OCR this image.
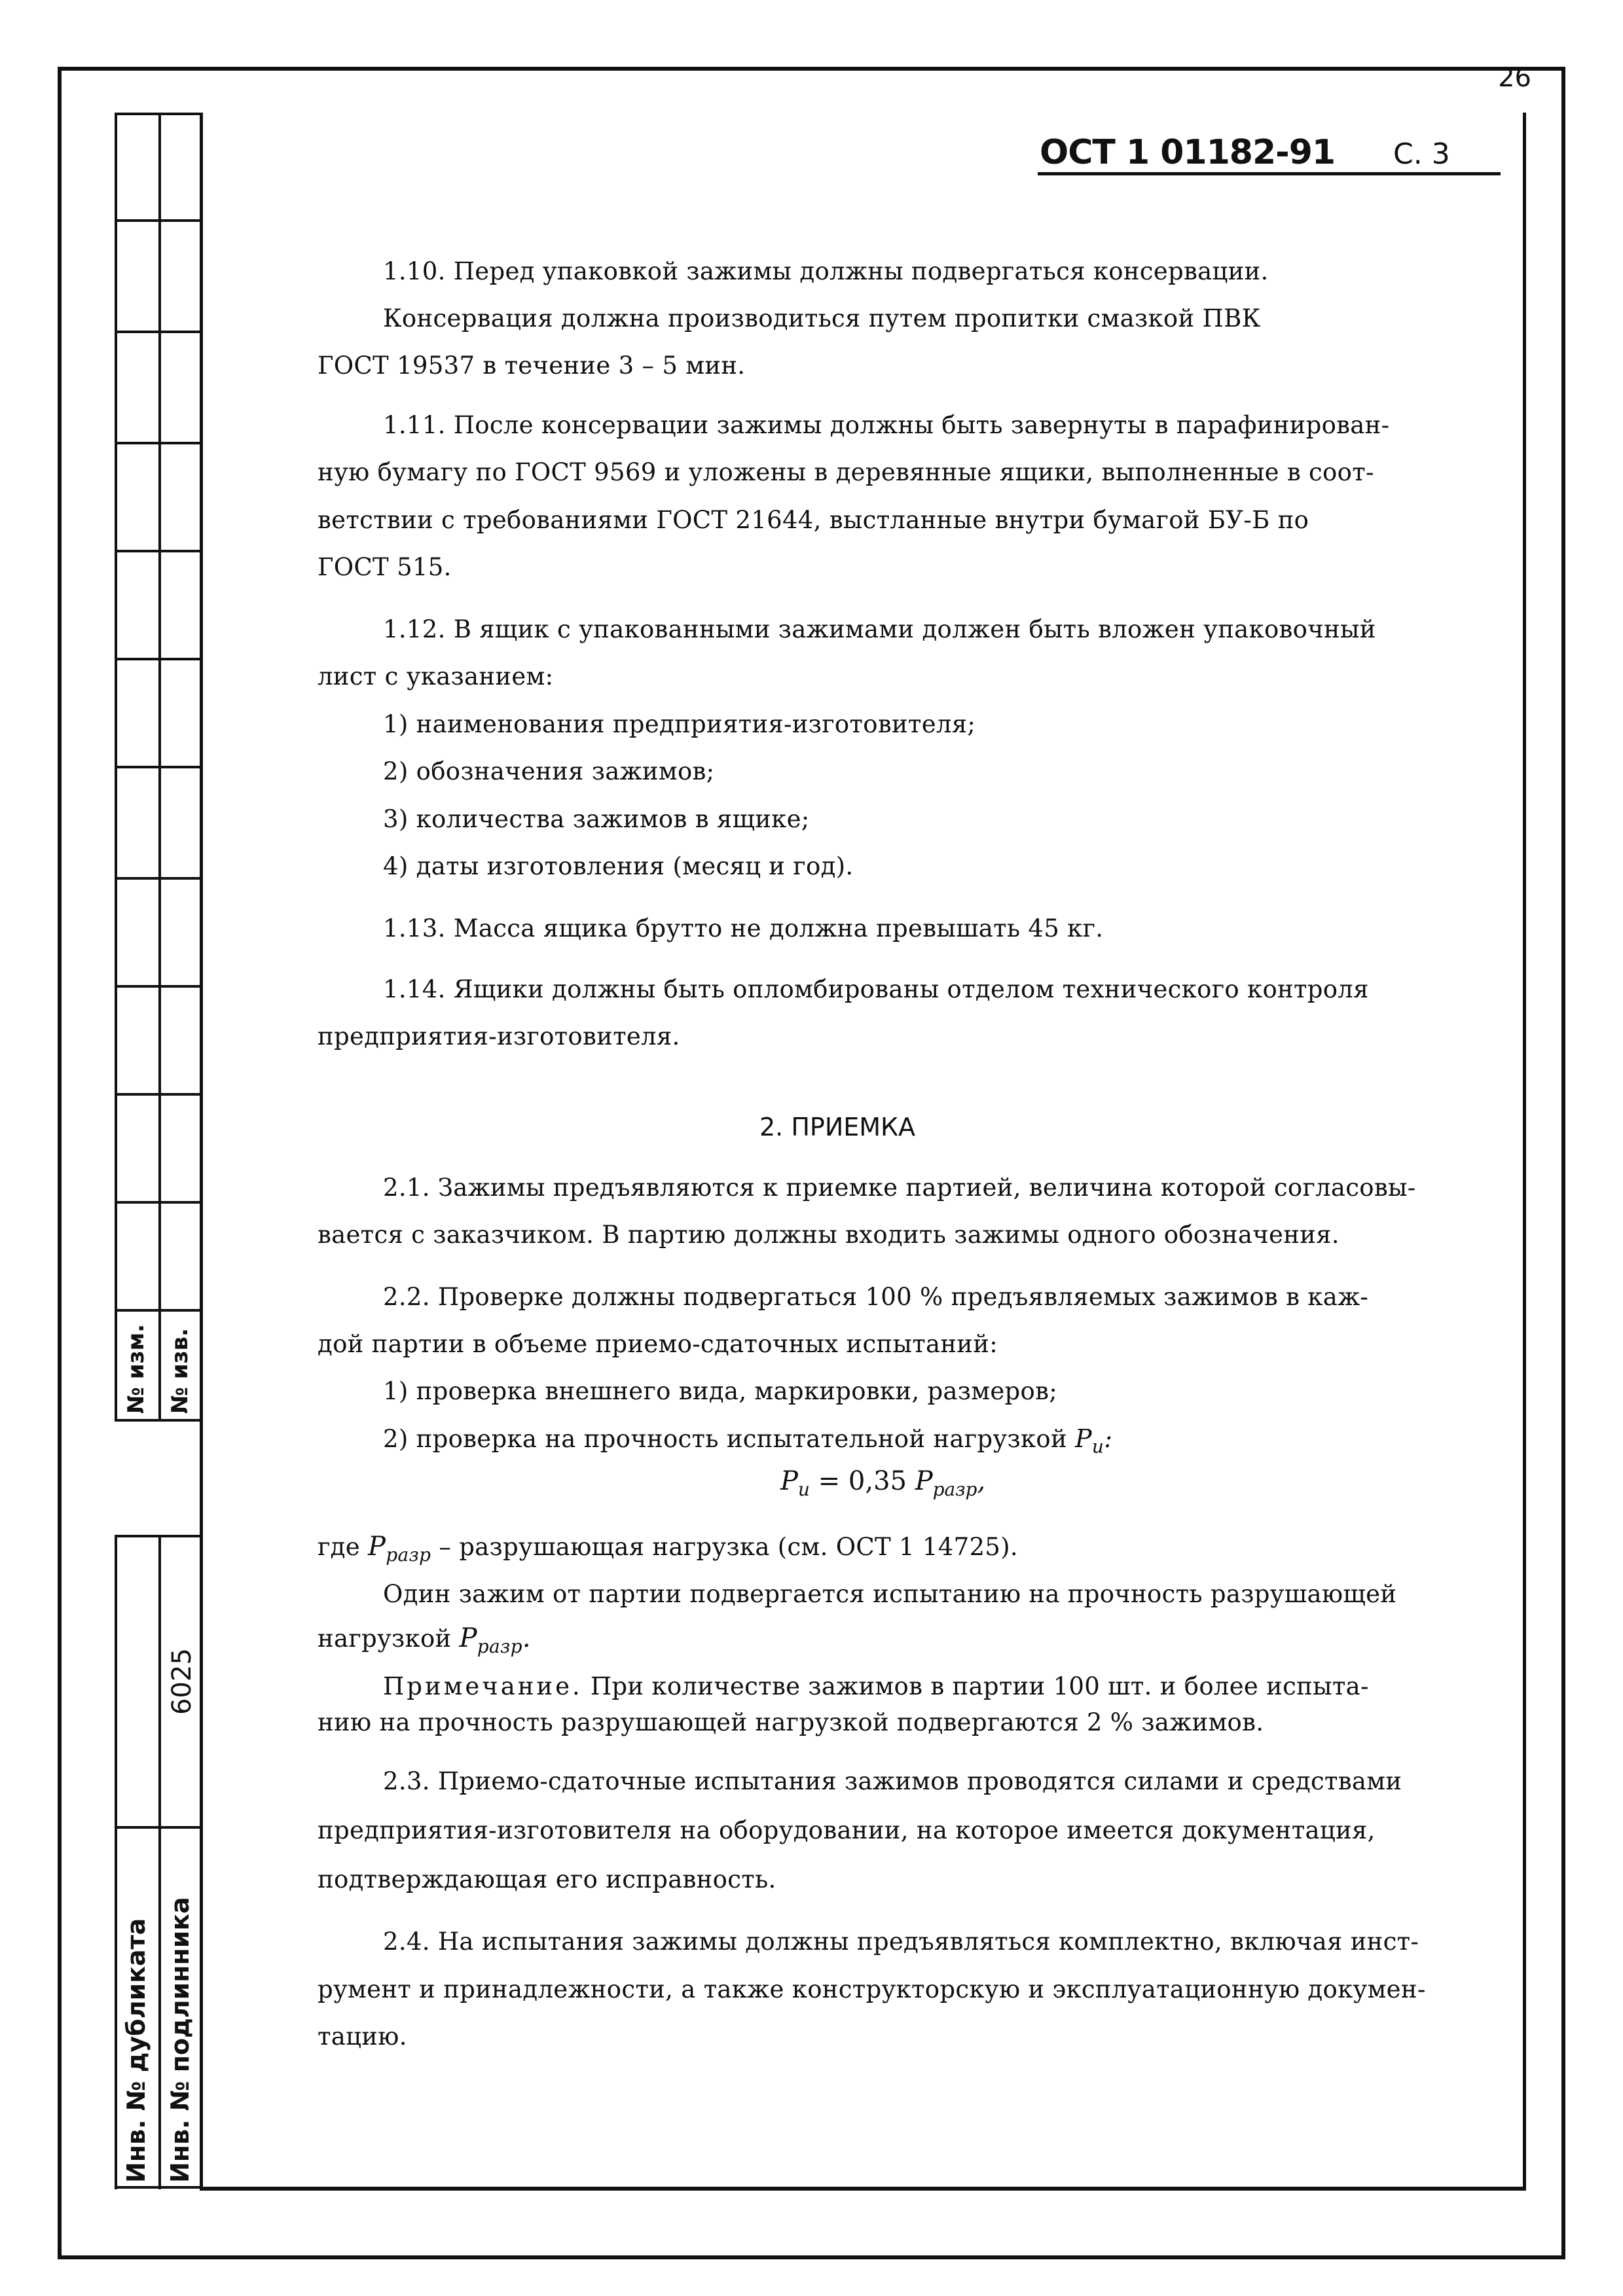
№ изм. № изв.
Инв. № дубликата Инв. № подлинника
6025
26
ОСТ 1 01182-91 С. 3
1.10. Перед упаковкой зажимы должны подвергаться консервации.
Консервация должна производиться путем пропитки смазкой ПВК
ГОСТ 19537 в течение 3 – 5 мин.
1.11. После консервации зажимы должны быть завернуты в парафинирован-
ную бумагу по ГОСТ 9569 и уложены в деревянные ящики, выполненные в соот-
ветствии с требованиями ГОСТ 21644, выстланные внутри бумагой БУ-Б по
ГОСТ 515.
1.12. В ящик с упакованными зажимами должен быть вложен упаковочный
лист с указанием:
1) наименования предприятия-изготовителя;
2) обозначения зажимов;
3) количества зажимов в ящике;
4) даты изготовления (месяц и год).
1.13. Масса ящика брутто не должна превышать 45 кг.
1.14. Ящики должны быть опломбированы отделом технического контроля
предприятия-изготовителя.
2. ПРИЕМКА
2.1. Зажимы предъявляются к приемке партией, величина которой согласовы-
вается с заказчиком. В партию должны входить зажимы одного обозначения.
2.2. Проверке должны подвергаться 100 % предъявляемых зажимов в каж-
дой партии в объеме приемо-сдаточных испытаний:
1) проверка внешнего вида, маркировки, размеров;
2) проверка на прочность испытательной нагрузкой $P_и$:
$P_и = 0,35$ $P_{разр}$,
где $P_{разр}$ – разрушающая нагрузка (см. ОСТ 1 14725).
Один зажим от партии подвергается испытанию на прочность разрушающей
нагрузкой $P_{разр}$.
Примечание. При количестве зажимов в партии 100 шт. и более испыта-
нию на прочность разрушающей нагрузкой подвергаются 2 % зажимов.
2.3. Приемо-сдаточные испытания зажимов проводятся силами и средствами
предприятия-изготовителя на оборудовании, на которое имеется документация,
подтверждающая его исправность.
2.4. На испытания зажимы должны предъявляться комплектно, включая инст-
румент и принадлежности, а также конструкторскую и эксплуатационную докумен-
тацию.
